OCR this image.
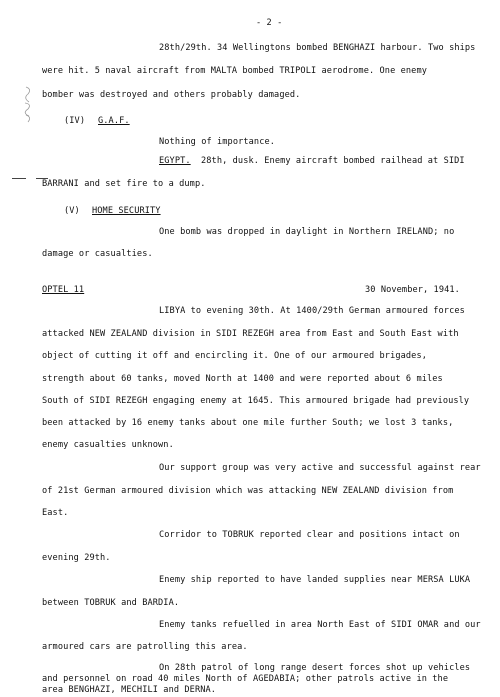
- 2 -
28th/29th. 34 Wellingtons bombed BENGHAZI harbour. Two ships
were hit. 5 naval aircraft from MALTA bombed TRIPOLI aerodrome. One enemy
bomber was destroyed and others probably damaged.
(IV) G.A.F.
Nothing of importance.
EGYPT. 28th, dusk. Enemy aircraft bombed railhead at SIDI
BARRANI and set fire to a dump.
(V) HOME SECURITY
One bomb was dropped in daylight in Northern IRELAND; no
damage or casualties.
OPTEL 11	30 November, 1941.
LIBYA to evening 30th. At 1400/29th German armoured forces
attacked NEW ZEALAND division in SIDI REZEGH area from East and South East with
object of cutting it off and encircling it. One of our armoured brigades,
strength about 60 tanks, moved North at 1400 and were reported about 6 miles
South of SIDI REZEGH engaging enemy at 1645. This armoured brigade had previously
been attacked by 16 enemy tanks about one mile further South; we lost 3 tanks,
enemy casualties unknown.
Our support group was very active and successful against rear
of 21st German armoured division which was attacking NEW ZEALAND division from
East.
Corridor to TOBRUK reported clear and positions intact on
evening 29th.
Enemy ship reported to have landed supplies near MERSA LUKA
between TOBRUK and BARDIA.
Enemy tanks refuelled in area North East of SIDI OMAR and our
armoured cars are patrolling this area.
On 28th patrol of long range desert forces shot up vehicles
and personnel on road 40 miles North of AGEDABIA; other patrols active in the
area BENGHAZI, MECHILI and DERNA.
